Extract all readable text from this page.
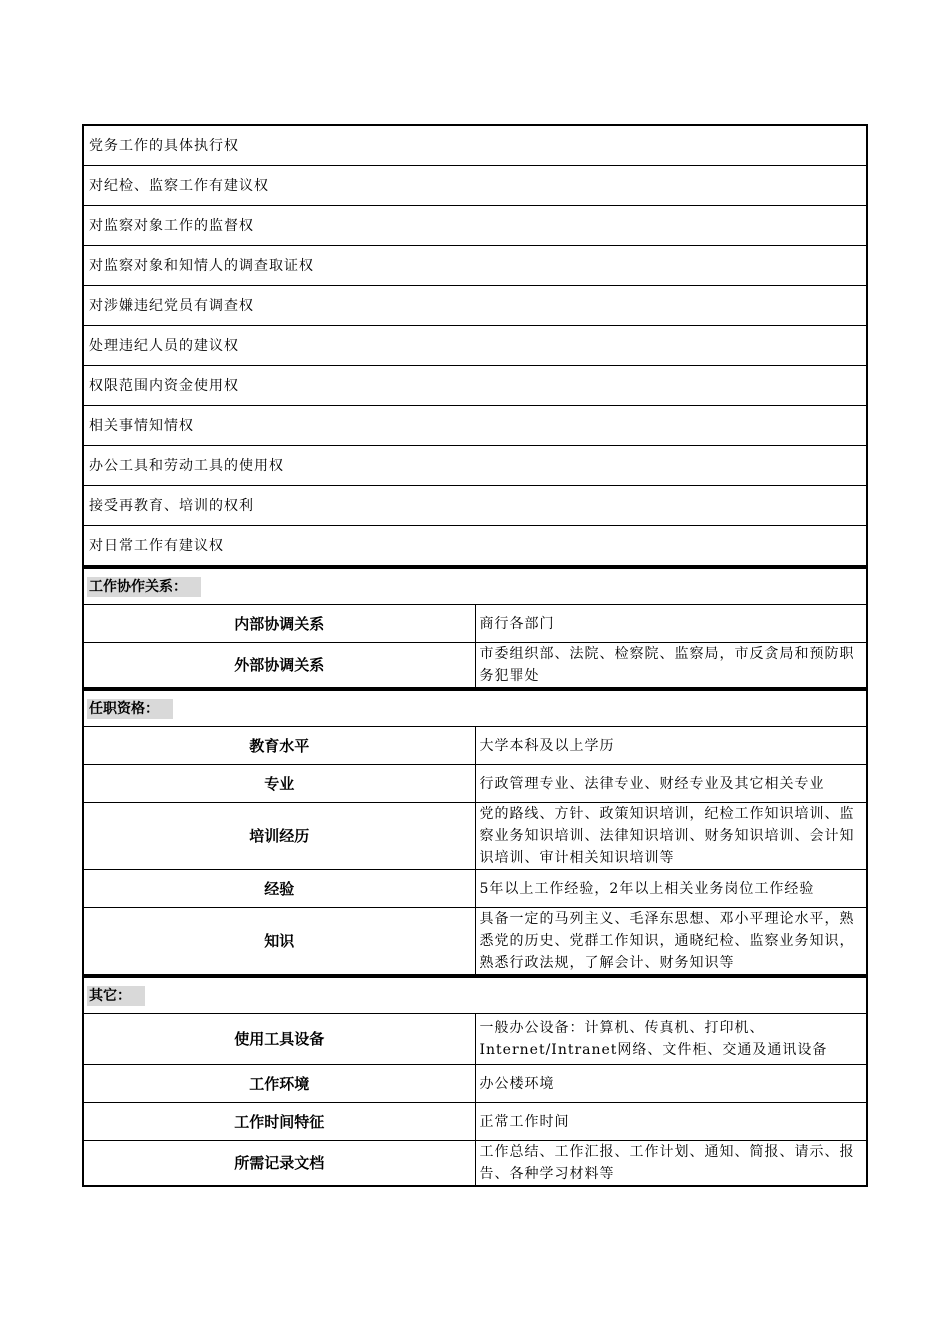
党务工作的具体执行权
对纪检、监察工作有建议权
对监察对象工作的监督权
对监察对象和知情人的调查取证权
对涉嫌违纪党员有调查权
处理违纪人员的建议权
权限范围内资金使用权
相关事情知情权
办公工具和劳动工具的使用权
接受再教育、培训的权利
对日常工作有建议权
工作协作关系：	
内部协调关系	商行各部门
外部协调关系	市委组织部、法院、检察院、监察局，市反贪局和预防职务犯罪处
任职资格：	
教育水平	大学本科及以上学历
专业	行政管理专业、法律专业、财经专业及其它相关专业
培训经历	党的路线、方针、政策知识培训，纪检工作知识培训、监察业务知识培训、法律知识培训、财务知识培训、会计知识培训、审计相关知识培训等
经验	5年以上工作经验，2年以上相关业务岗位工作经验
知识	具备一定的马列主义、毛泽东思想、邓小平理论水平，熟悉党的历史、党群工作知识，通晓纪检、监察业务知识，熟悉行政法规，了解会计、财务知识等
其它：	
使用工具设备	一般办公设备：计算机、传真机、打印机、Internet/Intranet网络、文件柜、交通及通讯设备
工作环境	办公楼环境
工作时间特征	正常工作时间
所需记录文档	工作总结、工作汇报、工作计划、通知、简报、请示、报告、各种学习材料等
